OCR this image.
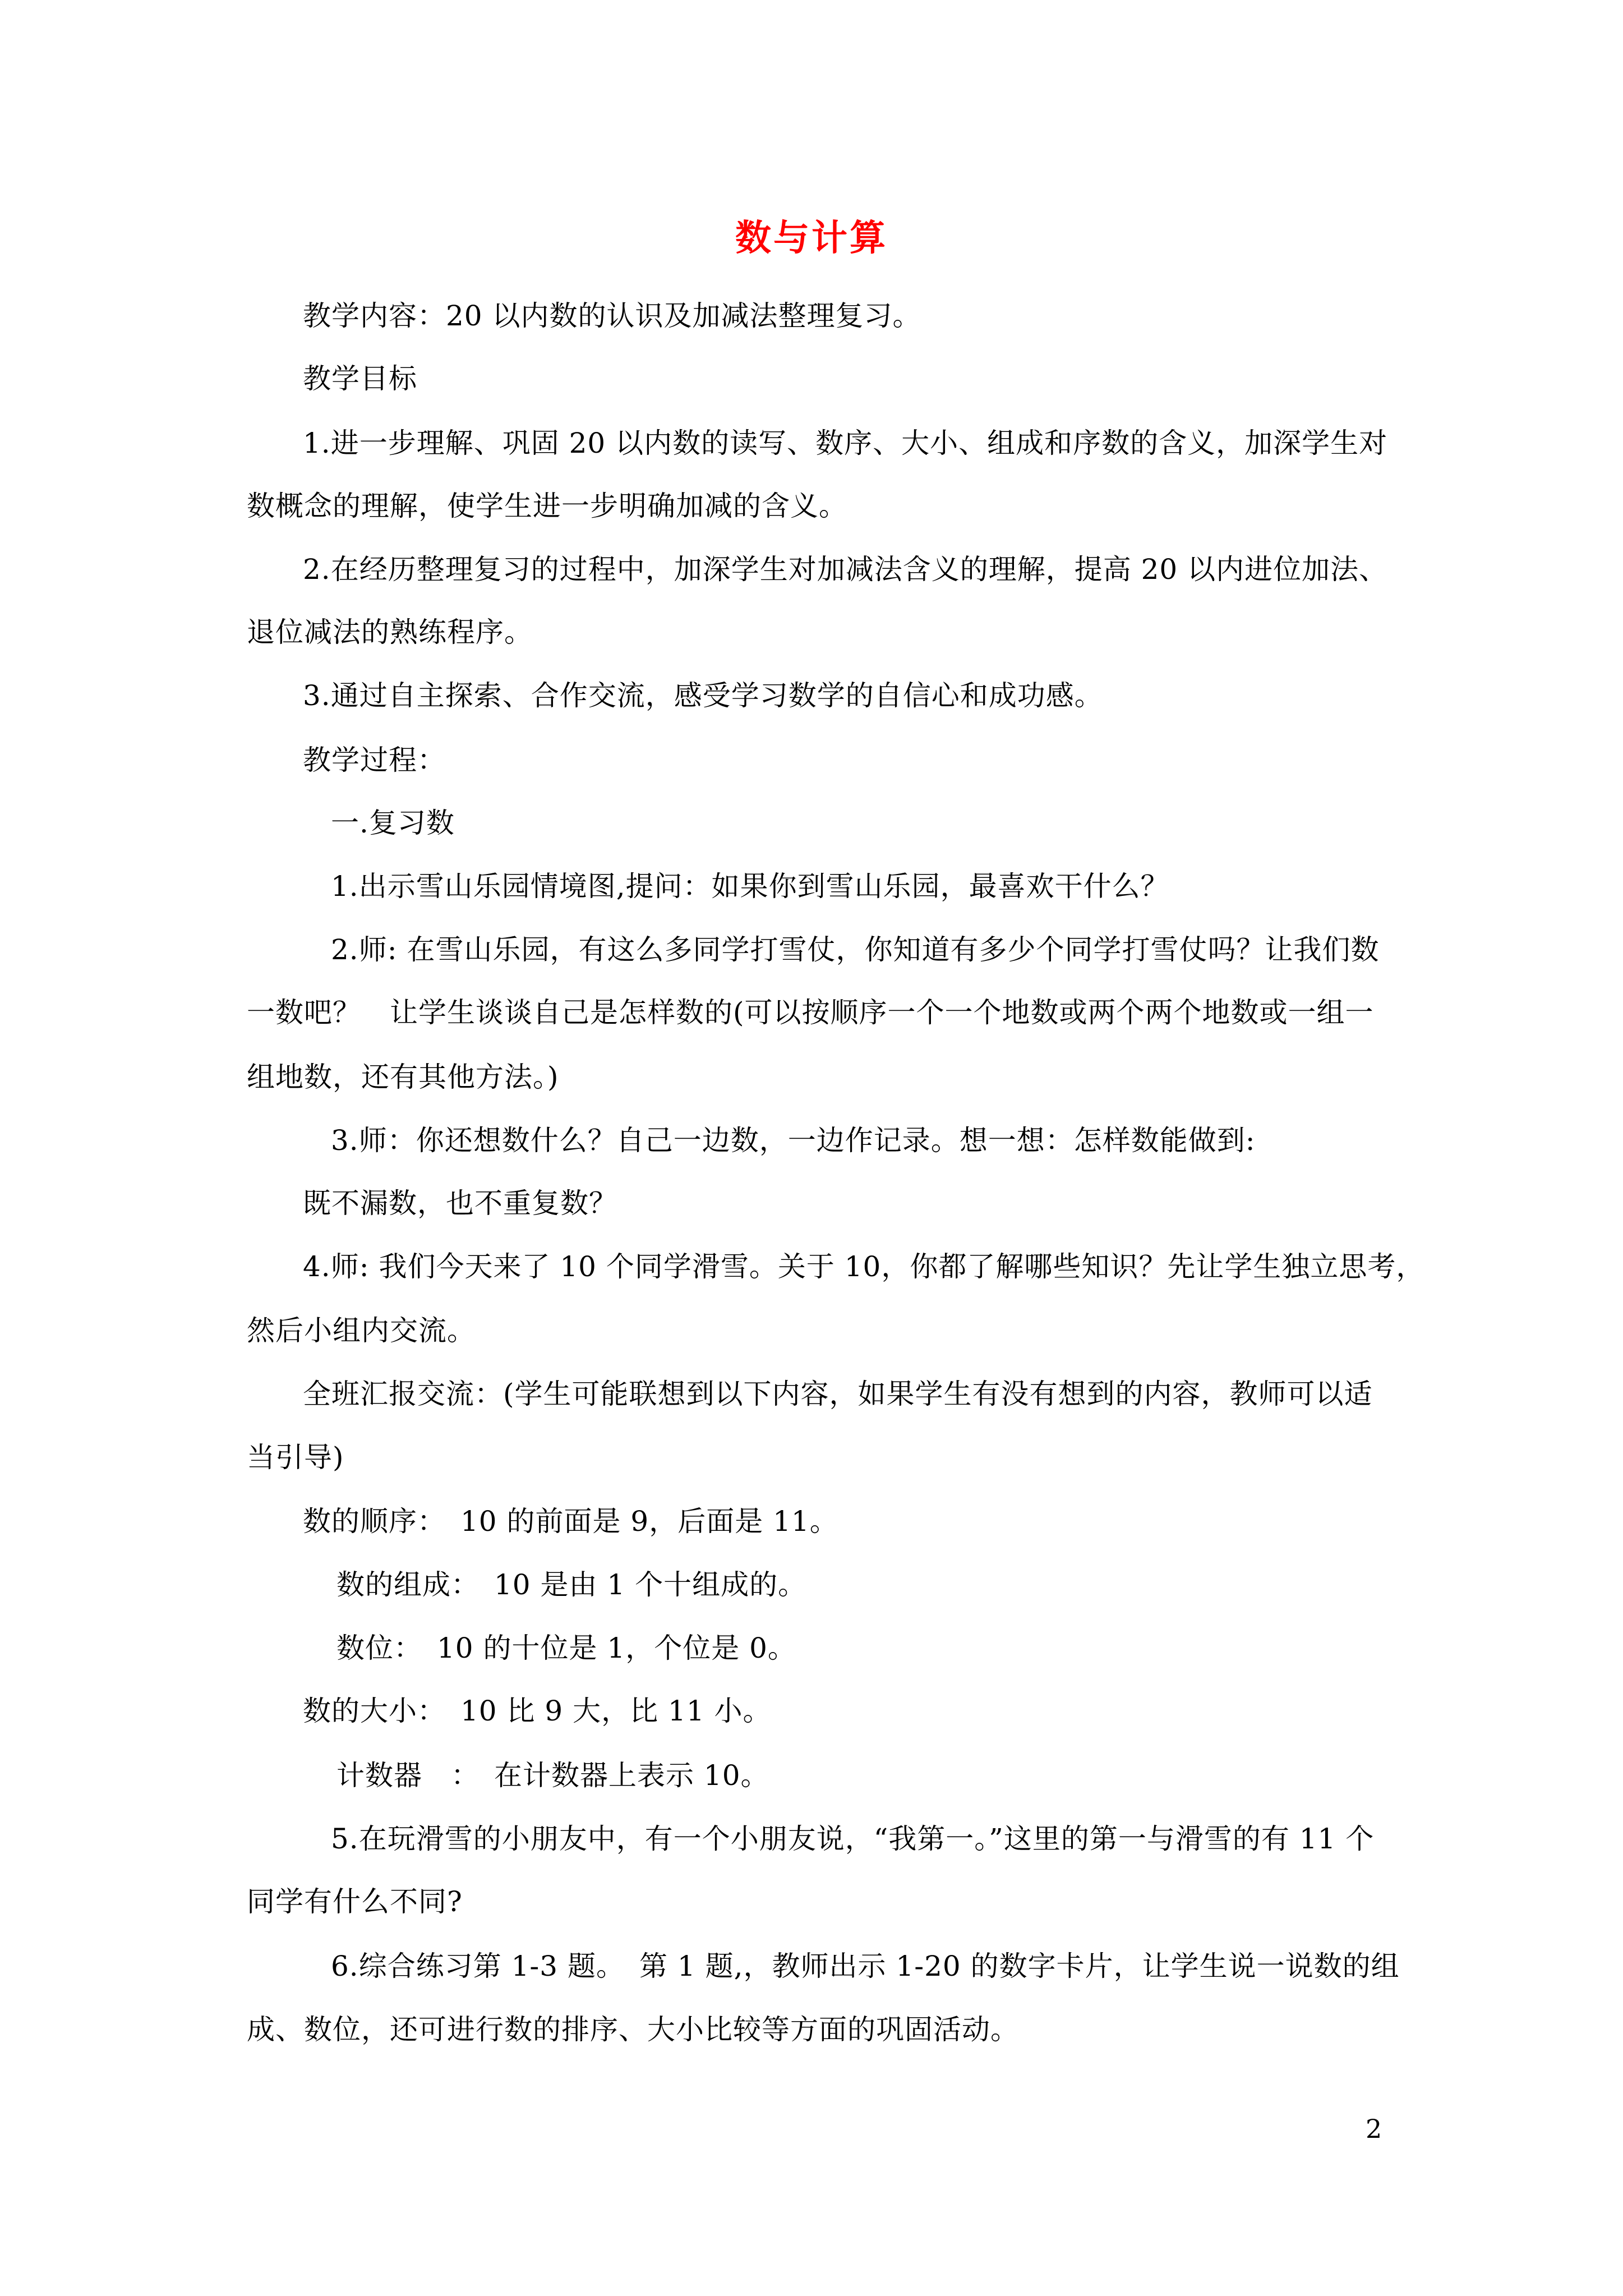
数与计算
教学内容：20 以内数的认识及加减法整理复习。
教学目标
1.进一步理解、巩固 20 以内数的读写、数序、大小、组成和序数的含义，加深学生对
数概念的理解，使学生进一步明确加减的含义。
2.在经历整理复习的过程中，加深学生对加减法含义的理解，提高 20 以内进位加法、
退位减法的熟练程序。
3.通过自主探索、合作交流，感受学习数学的自信心和成功感。
教学过程：
一.复习数
1.出示雪山乐园情境图,提问：如果你到雪山乐园，最喜欢干什么？
2.师: 在雪山乐园，有这么多同学打雪仗，你知道有多少个同学打雪仗吗？让我们数
一数吧？　让学生谈谈自己是怎样数的(可以按顺序一个一个地数或两个两个地数或一组一
组地数，还有其他方法。)
3.师：你还想数什么？自己一边数，一边作记录。想一想：怎样数能做到:
既不漏数，也不重复数？
4.师: 我们今天来了 10 个同学滑雪。关于 10，你都了解哪些知识？先让学生独立思考，
然后小组内交流。
全班汇报交流：(学生可能联想到以下内容，如果学生有没有想到的内容，教师可以适
当引导)
数的顺序：　10 的前面是 9，后面是 11。
数的组成：　10 是由 1 个十组成的。
数位：　10 的十位是 1，个位是 0。
数的大小：　10 比 9 大，比 11 小。
计数器　：　在计数器上表示 10。
5.在玩滑雪的小朋友中，有一个小朋友说，“我第一。”这里的第一与滑雪的有 11 个
同学有什么不同?
6.综合练习第 1-3 题。　第 1 题,，教师出示 1-20 的数字卡片，让学生说一说数的组
成、数位，还可进行数的排序、大小比较等方面的巩固活动。
2
